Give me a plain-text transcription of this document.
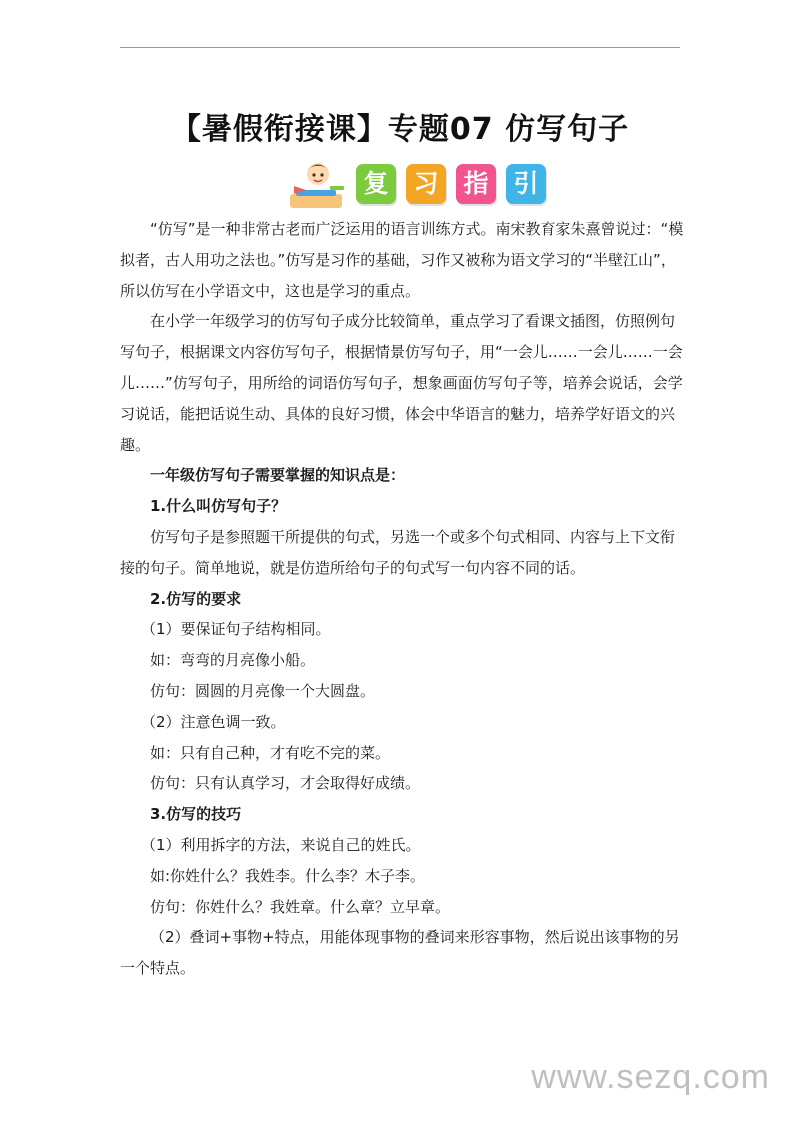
【暑假衔接课】专题07 仿写句子
复 习 指 引

“仿写”是一种非常古老而广泛运用的语言训练方式。南宋教育家朱熹曾说过：“模拟者，古人用功之法也。”仿写是习作的基础，习作又被称为语文学习的“半壁江山”，所以仿写在小学语文中，这也是学习的重点。

在小学一年级学习的仿写句子成分比较简单，重点学习了看课文插图，仿照例句写句子，根据课文内容仿写句子，根据情景仿写句子，用“一会儿……一会儿……一会儿……”仿写句子，用所给的词语仿写句子，想象画面仿写句子等，培养会说话，会学习说话，能把话说生动、具体的良好习惯，体会中华语言的魅力，培养学好语文的兴趣。

一年级仿写句子需要掌握的知识点是：

1.什么叫仿写句子？

仿写句子是参照题干所提供的句式，另选一个或多个句式相同、内容与上下文衔接的句子。简单地说，就是仿造所给句子的句式写一句内容不同的话。

2.仿写的要求

（1）要保证句子结构相同。

如：弯弯的月亮像小船。

仿句：圆圆的月亮像一个大圆盘。

（2）注意色调一致。

如：只有自己种，才有吃不完的菜。

仿句：只有认真学习，才会取得好成绩。

3.仿写的技巧

（1）利用拆字的方法，来说自己的姓氏。

如:你姓什么？我姓李。什么李？木子李。

仿句：你姓什么？我姓章。什么章？立早章。

（2）叠词+事物+特点，用能体现事物的叠词来形容事物，然后说出该事物的另一个特点。

www.sezq.com
